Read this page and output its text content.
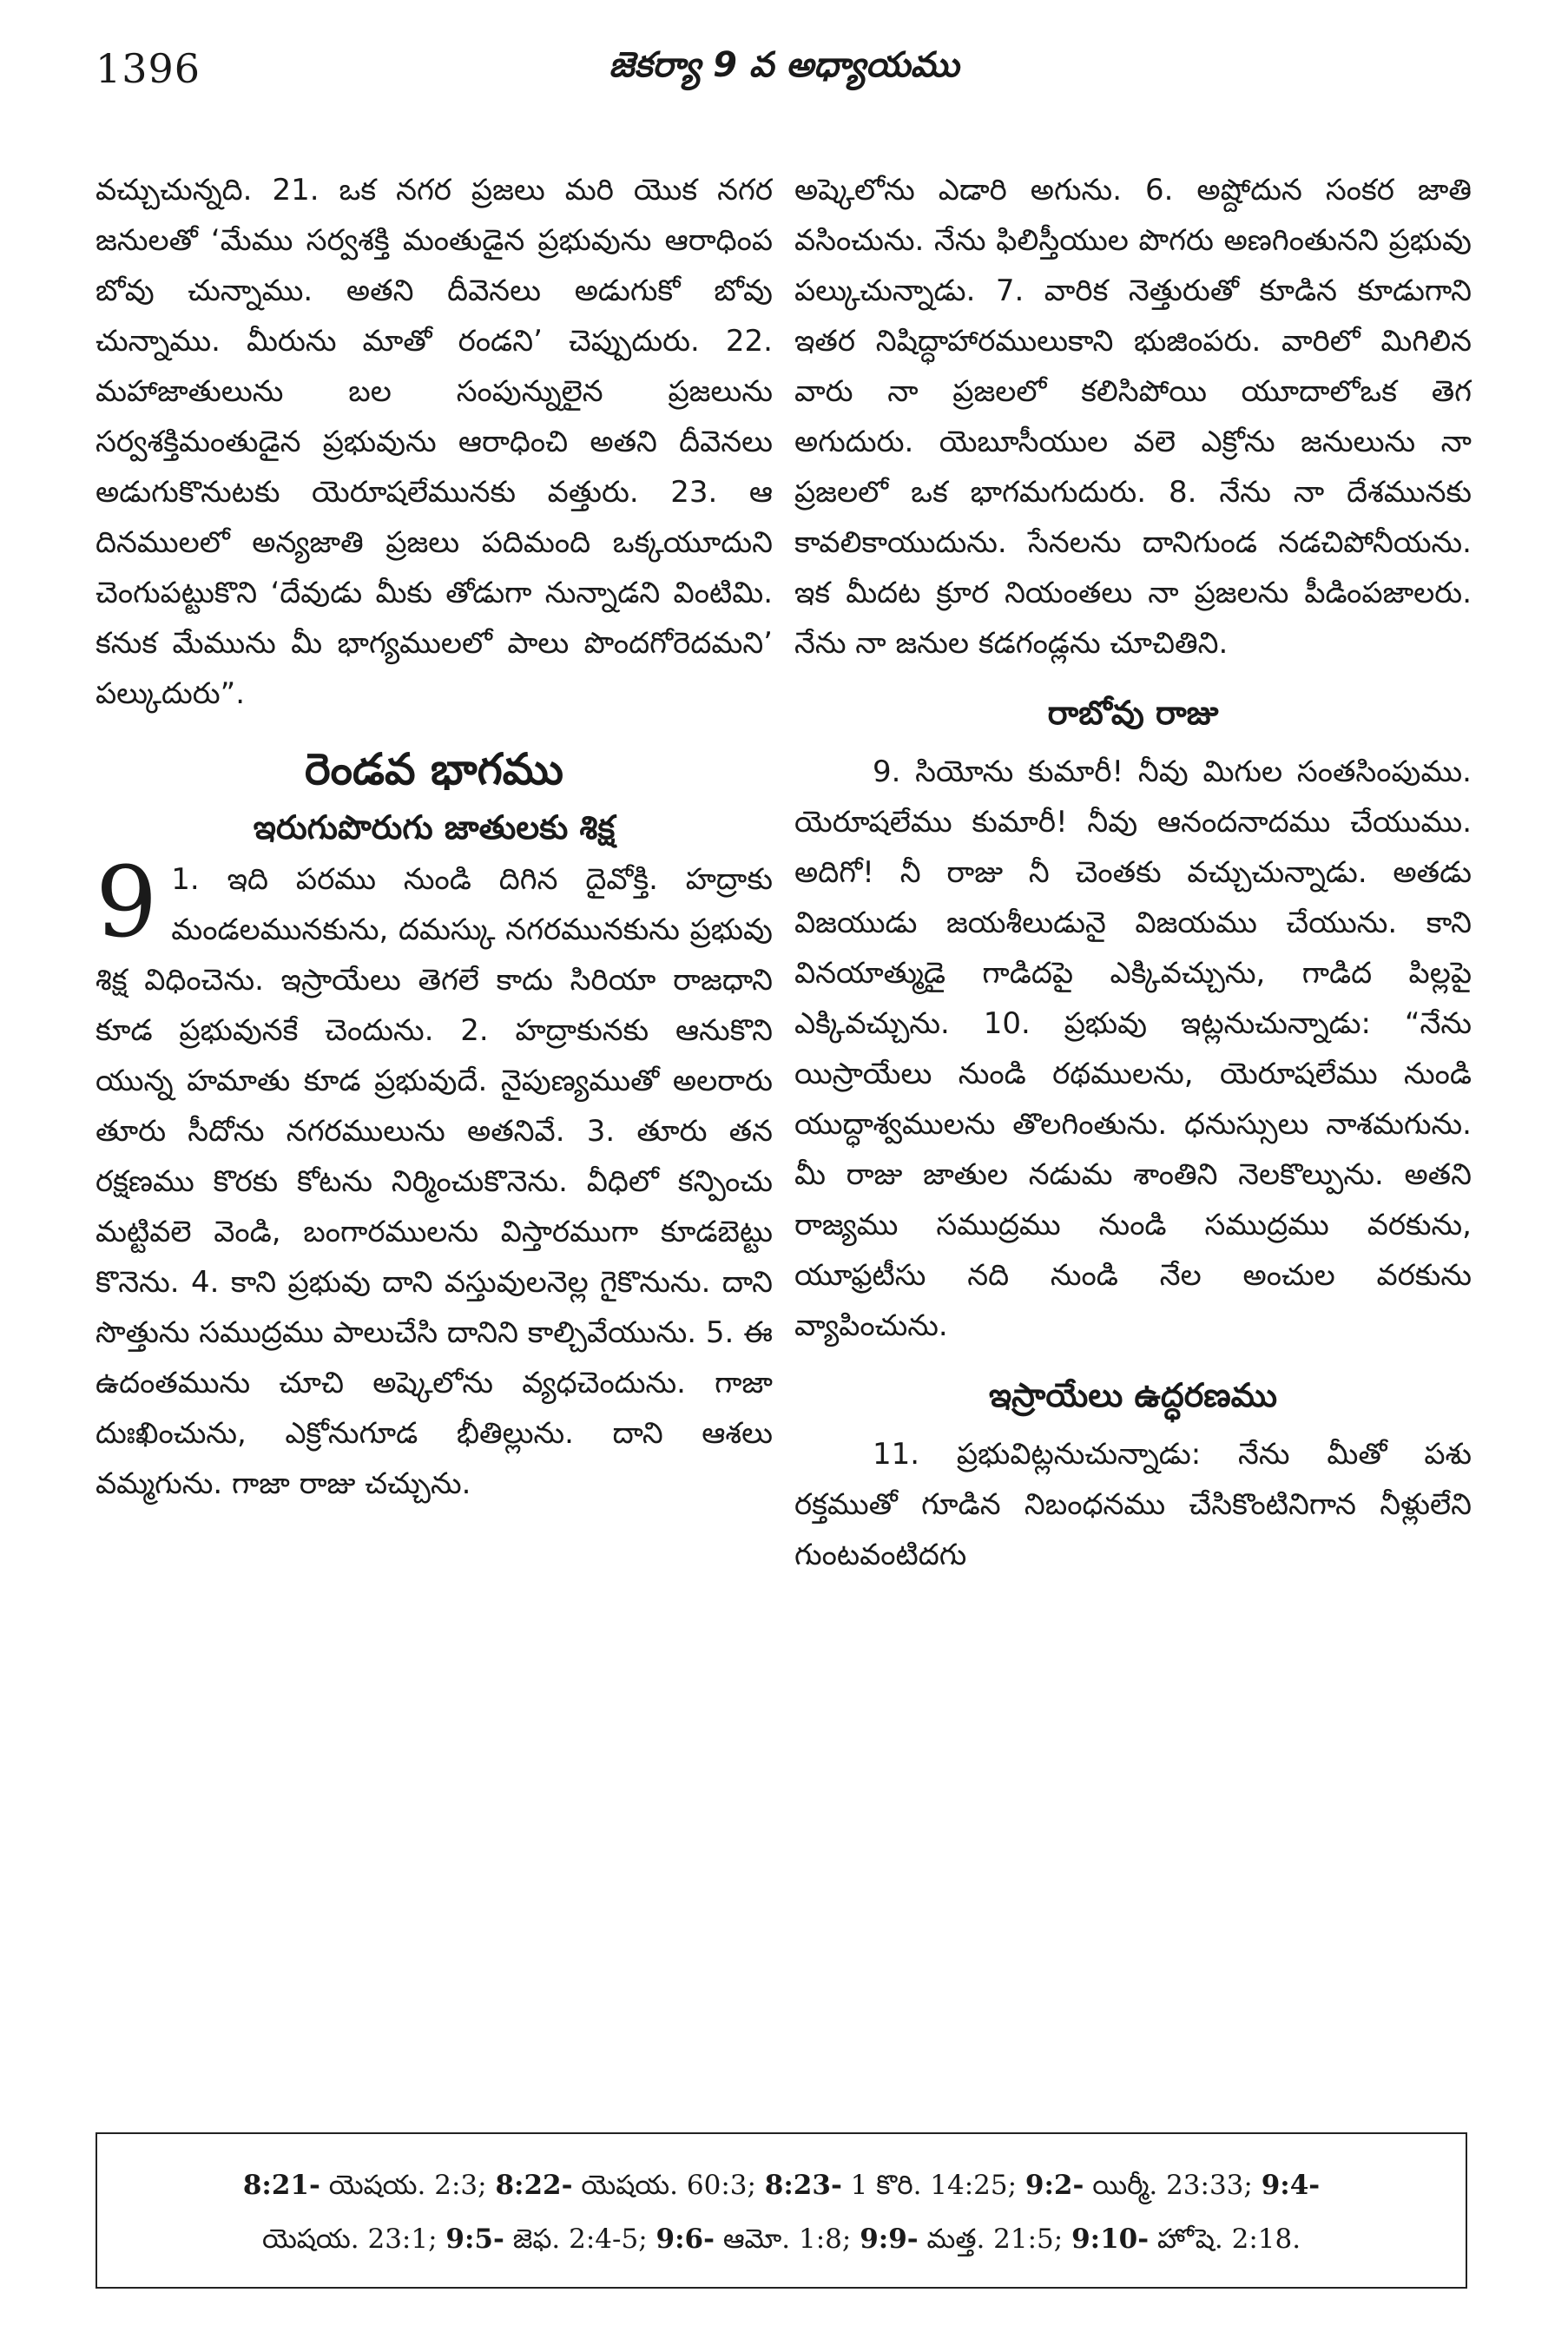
1396	జెకర్యా 9 వ అధ్యాయము

వచ్చుచున్నది. 21. ఒక నగర ప్రజలు మరి యొక నగర జనులతో ‘మేము సర్వశక్తి మంతుడైన ప్రభువును ఆరాధింప బోవు చున్నాము. అతని దీవెనలు అడుగుకో బోవు చున్నాము. మీరును మాతో రండని’ చెప్పుదురు. 22. మహాజాతులును బల సంపున్నులైన ప్రజలును సర్వశక్తిమంతుడైన ప్రభువును ఆరాధించి అతని దీవెనలు అడుగుకొనుటకు యెరూషలేమునకు వత్తురు. 23. ఆ దినములలో అన్యజాతి ప్రజలు పదిమంది ఒక్కయూదుని చెంగుపట్టుకొని ‘దేవుడు మీకు తోడుగా నున్నాడని వింటిమి. కనుక మేమును మీ భాగ్యములలో పాలు పొందగోరెదమని’ పల్కుదురు”.

రెండవ భాగము
ఇరుగుపొరుగు జాతులకు శిక్ష

9 1. ఇది పరము నుండి దిగిన దైవోక్తి. హద్రాకు మండలమునకును, దమస్కు నగరమునకును ప్రభువు శిక్ష విధించెను. ఇస్రాయేలు తెగలే కాదు సిరియా రాజధాని కూడ ప్రభువునకే చెందును. 2. హద్రాకునకు ఆనుకొని యున్న హమాతు కూడ ప్రభువుదే. నైపుణ్యముతో అలరారు తూరు సీదోను నగరములును అతనివే. 3. తూరు తన రక్షణము కొరకు కోటను నిర్మించుకొనెను. వీధిలో కన్పించు మట్టివలె వెండి, బంగారములను విస్తారముగా కూడబెట్టు కొనెను. 4. కాని ప్రభువు దాని వస్తువులనెల్ల గైకొనును. దాని సొత్తును సముద్రము పాలుచేసి దానిని కాల్చివేయును. 5. ఈ ఉదంతమును చూచి అష్కెలోను వ్యధచెందును. గాజా దుఃఖించును, ఎక్రోనుగూడ భీతిల్లును. దాని ఆశలు వమ్మగును. గాజా రాజు చచ్చును.

అష్కెలోను ఎడారి అగును. 6. అష్దోదున సంకర జాతి వసించును. నేను ఫిలిస్తీయుల పొగరు అణగింతునని ప్రభువు పల్కుచున్నాడు. 7. వారిక నెత్తురుతో కూడిన కూడుగాని ఇతర నిషిద్ధాహారములుకాని భుజింపరు. వారిలో మిగిలిన వారు నా ప్రజలలో కలిసిపోయి యూదాలోఒక తెగ అగుదురు. యెబూసీయుల వలె ఎక్రోను జనులును నా ప్రజలలో ఒక భాగమగుదురు. 8. నేను నా దేశమునకు కావలికాయుదును. సేనలను దానిగుండ నడచిపోనీయను. ఇక మీదట క్రూర నియంతలు నా ప్రజలను పీడింపజాలరు. నేను నా జనుల కడగండ్లను చూచితిని.

రాబోవు రాజు

9. సియోను కుమారీ! నీవు మిగుల సంతసింపుము. యెరూషలేము కుమారీ! నీవు ఆనందనాదము చేయుము. అదిగో! నీ రాజు నీ చెంతకు వచ్చుచున్నాడు. అతడు విజయుడు జయశీలుడునై విజయము చేయును. కాని వినయాత్ముడై గాడిదపై ఎక్కివచ్చును, గాడిద పిల్లపై ఎక్కివచ్చును. 10. ప్రభువు ఇట్లనుచున్నాడు: “నేను యిస్రాయేలు నుండి రథములను, యెరూషలేము నుండి యుద్ధాశ్వములను తొలగింతును. ధనుస్సులు నాశమగును. మీ రాజు జాతుల నడుమ శాంతిని నెలకొల్పును. అతని రాజ్యము సముద్రము నుండి సముద్రము వరకును, యూఫ్రటీసు నది నుండి నేల అంచుల వరకును వ్యాపించును.

ఇస్రాయేలు ఉద్ధరణము

11. ప్రభువిట్లనుచున్నాడు: నేను మీతో పశు రక్తముతో గూడిన నిబంధనము చేసికొంటినిగాన నీళ్లులేని గుంటవంటిదగు

8:21- యెషయ. 2:3; 8:22- యెషయ. 60:3; 8:23- 1 కొరి. 14:25; 9:2- యిర్మీ. 23:33; 9:4-
యెషయ. 23:1; 9:5- జెఫ. 2:4-5; 9:6- ఆమో. 1:8; 9:9- మత్త. 21:5; 9:10- హోషె. 2:18.
